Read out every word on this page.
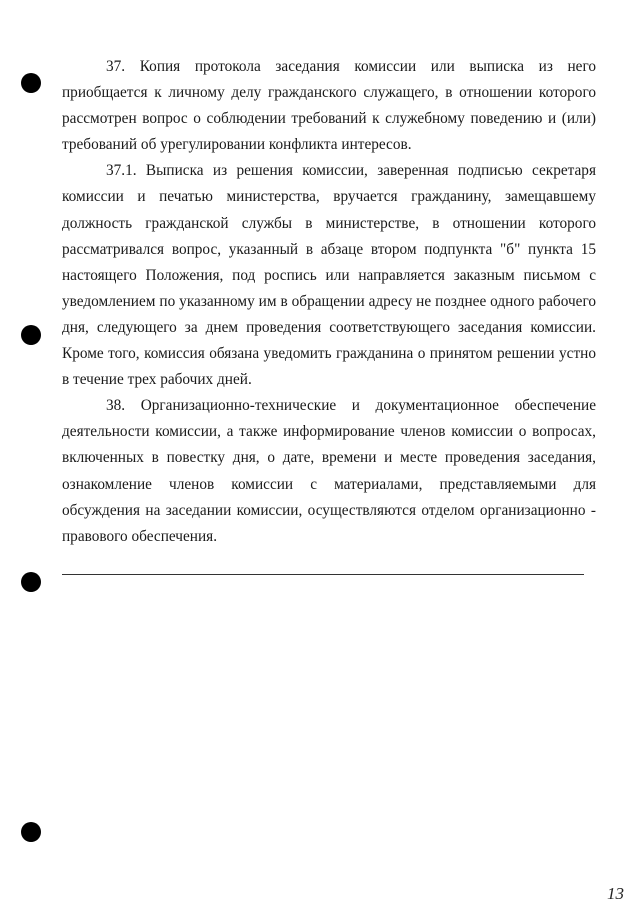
37. Копия протокола заседания комиссии или выписка из него приобщается к личному делу гражданского служащего, в отношении которого рассмотрен вопрос о соблюдении требований к служебному поведению и (или) требований об урегулировании конфликта интересов.

37.1. Выписка из решения комиссии, заверенная подписью секретаря комиссии и печатью министерства, вручается гражданину, замещавшему должность гражданской службы в министерстве, в отношении которого рассматривался вопрос, указанный в абзаце втором подпункта "б" пункта 15 настоящего Положения, под роспись или направляется заказным письмом с уведомлением по указанному им в обращении адресу не позднее одного рабочего дня, следующего за днем проведения соответствующего заседания комиссии. Кроме того, комиссия обязана уведомить гражданина о принятом решении устно в течение трех рабочих дней.

38. Организационно-технические и документационное обеспечение деятельности комиссии, а также информирование членов комиссии о вопросах, включенных в повестку дня, о дате, времени и месте проведения заседания, ознакомление членов комиссии с материалами, представляемыми для обсуждения на заседании комиссии, осуществляются отделом организационно - правового обеспечения.

13
